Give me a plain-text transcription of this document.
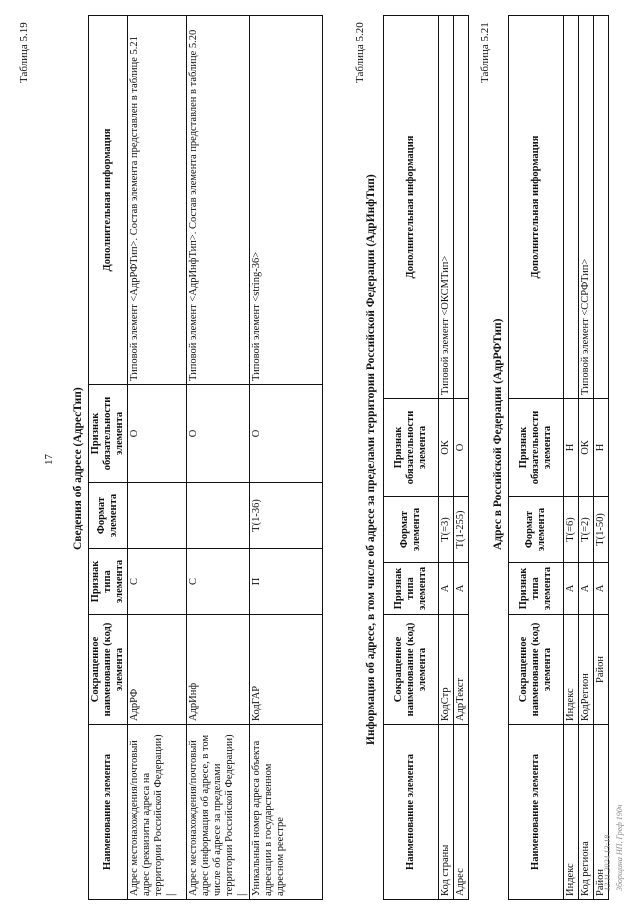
17
Таблица 5.19
Сведения об адресе (АдресТип)
Наименование элемента	Сокращенное наименование (код) элемента	Признак типа элемента	Формат элемента	Признак обязательности элемента	Дополнительная информация
Адрес местонахождения/почтовый адрес (реквизиты адреса на территории Российской Федерации) |	АдрРФ	С		О	Типовой элемент <АдрРФТип>. Состав элемента представлен в таблице 5.21
Адрес местонахождения/почтовый адрес (информация об адресе, в том числе об адресе за пределами территории Российской Федерации) |	АдрИнф	С		О	Типовой элемент <АдрИнфТип>. Состав элемента представлен в таблице 5.20
Уникальный номер адреса объекта адресации в государственном адресном реестре	КодГАР	П	T(1-36)	О	Типовой элемент <string-36>
Таблица 5.20
Информация об адресе, в том числе об адресе за пределами территории Российской Федерации (АдрИнфТип)
Наименование элемента	Сокращенное наименование (код) элемента	Признак типа элемента	Формат элемента	Признак обязательности элемента	Дополнительная информация
Код страны	КодСтр	А	T(=3)	ОК	Типовой элемент <ОКСМТип>
Адрес	АдрТекст	А	T(1-255)	О	
Таблица 5.21
Адрес в Российской Федерации (АдрРФТип)
Наименование элемента	Сокращенное наименование (код) элемента	Признак типа элемента	Формат элемента	Признак обязательности элемента	Дополнительная информация
Индекс	Индекс	А	T(=6)	Н	
Код региона	КодРегион	А	T(=2)	ОК	Типовой элемент <ССРФТип>
Район	Район	А	T(1-50)	Н	
12.11.2024 13:18 Зборщина НП, Греф 190ч
